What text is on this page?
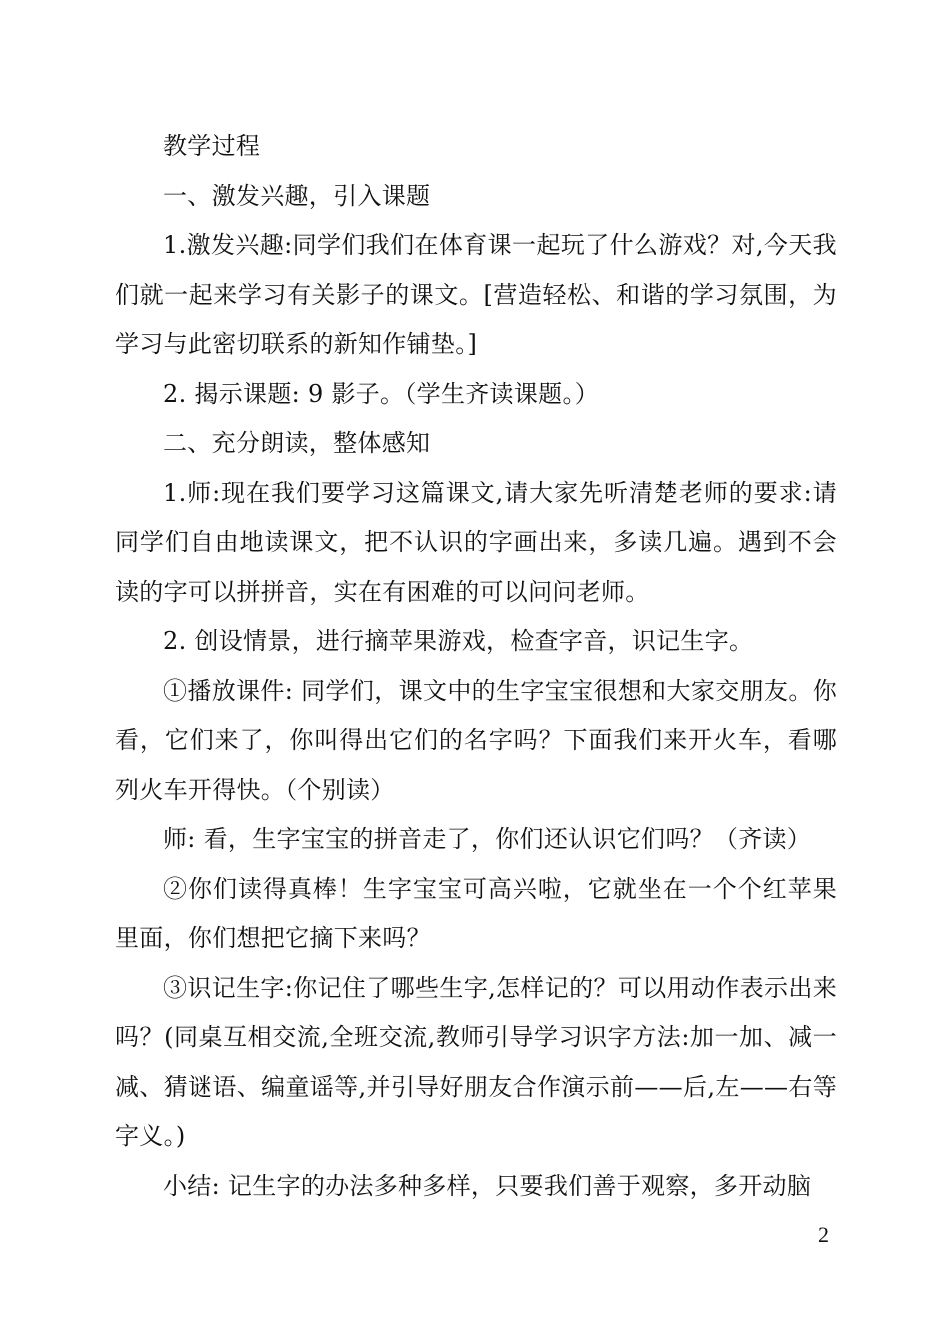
教学过程

一、激发兴趣，引入课题

1.激发兴趣:同学们我们在体育课一起玩了什么游戏？对,今天我们就一起来学习有关影子的课文。[营造轻松、和谐的学习氛围，为学习与此密切联系的新知作铺垫。]

2. 揭示课题: 9 影子。（学生齐读课题。）

二、充分朗读，整体感知

1.师:现在我们要学习这篇课文,请大家先听清楚老师的要求:请同学们自由地读课文，把不认识的字画出来，多读几遍。遇到不会读的字可以拼拼音，实在有困难的可以问问老师。

2. 创设情景，进行摘苹果游戏，检查字音，识记生字。

①播放课件: 同学们，课文中的生字宝宝很想和大家交朋友。你看，它们来了，你叫得出它们的名字吗？下面我们来开火车，看哪列火车开得快。（个别读）

师: 看，生字宝宝的拼音走了，你们还认识它们吗？（齐读）

②你们读得真棒！生字宝宝可高兴啦，它就坐在一个个红苹果里面，你们想把它摘下来吗？

③识记生字:你记住了哪些生字,怎样记的？可以用动作表示出来吗？(同桌互相交流,全班交流,教师引导学习识字方法:加一加、减一减、猜谜语、编童谣等,并引导好朋友合作演示前——后,左——右等字义。)

小结: 记生字的办法多种多样，只要我们善于观察，多开动脑

2
